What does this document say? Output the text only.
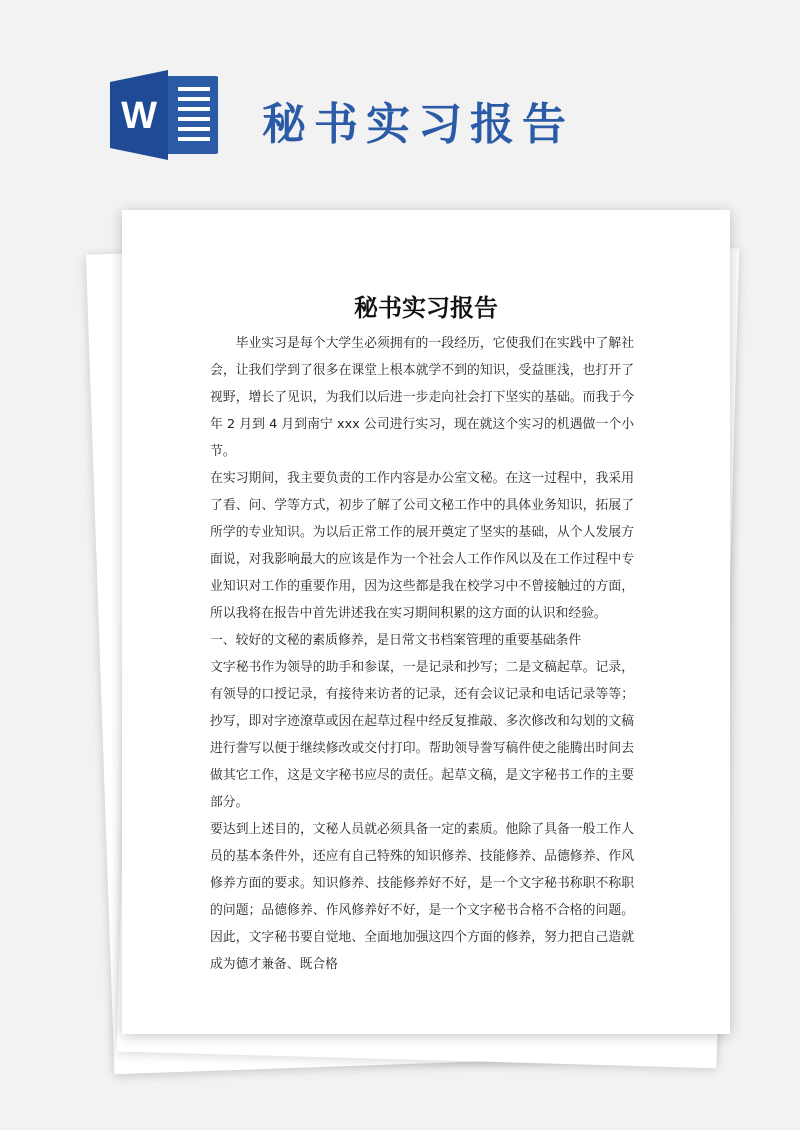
W 秘书实习报告
秘书实习报告

毕业实习是每个大学生必须拥有的一段经历，它使我们在实践中了解社会，让我们学到了很多在课堂上根本就学不到的知识，受益匪浅，也打开了视野，增长了见识，为我们以后进一步走向社会打下坚实的基础。而我于今年 2 月到 4 月到南宁 xxx 公司进行实习，现在就这个实习的机遇做一个小节。

在实习期间，我主要负责的工作内容是办公室文秘。在这一过程中，我采用了看、问、学等方式，初步了解了公司文秘工作中的具体业务知识，拓展了所学的专业知识。为以后正常工作的展开奠定了坚实的基础，从个人发展方面说，对我影响最大的应该是作为一个社会人工作作风以及在工作过程中专业知识对工作的重要作用，因为这些都是我在校学习中不曾接触过的方面，所以我将在报告中首先讲述我在实习期间积累的这方面的认识和经验。

一、较好的文秘的素质修养，是日常文书档案管理的重要基础条件

文字秘书作为领导的助手和参谋，一是记录和抄写；二是文稿起草。记录，有领导的口授记录，有接待来访者的记录，还有会议记录和电话记录等等；抄写，即对字迹潦草或因在起草过程中经反复推敲、多次修改和勾划的文稿进行誊写以便于继续修改或交付打印。帮助领导誊写稿件使之能腾出时间去做其它工作，这是文字秘书应尽的责任。起草文稿，是文字秘书工作的主要部分。

要达到上述目的，文秘人员就必须具备一定的素质。他除了具备一般工作人员的基本条件外，还应有自己特殊的知识修养、技能修养、品德修养、作风修养方面的要求。知识修养、技能修养好不好，是一个文字秘书称职不称职的问题；品德修养、作风修养好不好，是一个文字秘书合格不合格的问题。因此，文字秘书要自觉地、全面地加强这四个方面的修养，努力把自己造就成为德才兼备、既合格
